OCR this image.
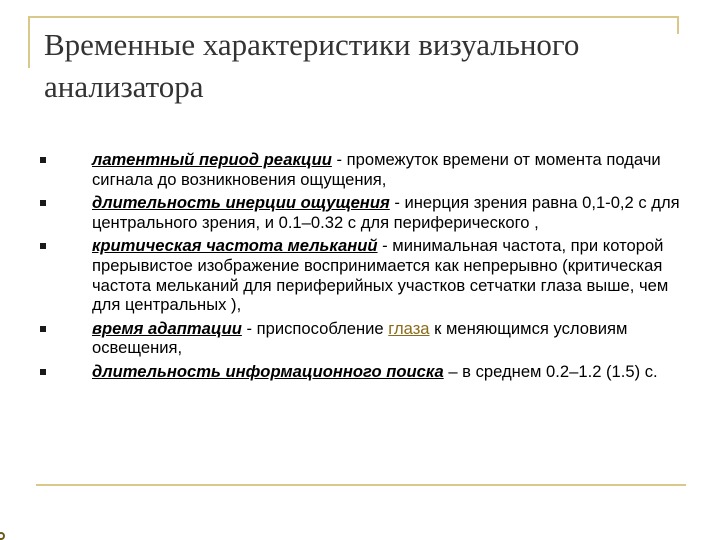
Временные характеристики визуального анализатора
латентный период реакции - промежуток времени от момента подачи сигнала до возникновения ощущения,
длительность инерции ощущения - инерция зрения равна 0,1-0,2 с для центрального зрения, и 0.1–0.32 с для периферического ,
критическая частота мельканий - минимальная частота, при которой прерывистое изображение воспринимается как непрерывно (критическая частота мельканий для периферийных участков сетчатки глаза выше, чем для центральных ),
время адаптации - приспособление глаза к меняющимся условиям освещения,
длительность информационного поиска – в среднем 0.2–1.2 (1.5) с.
